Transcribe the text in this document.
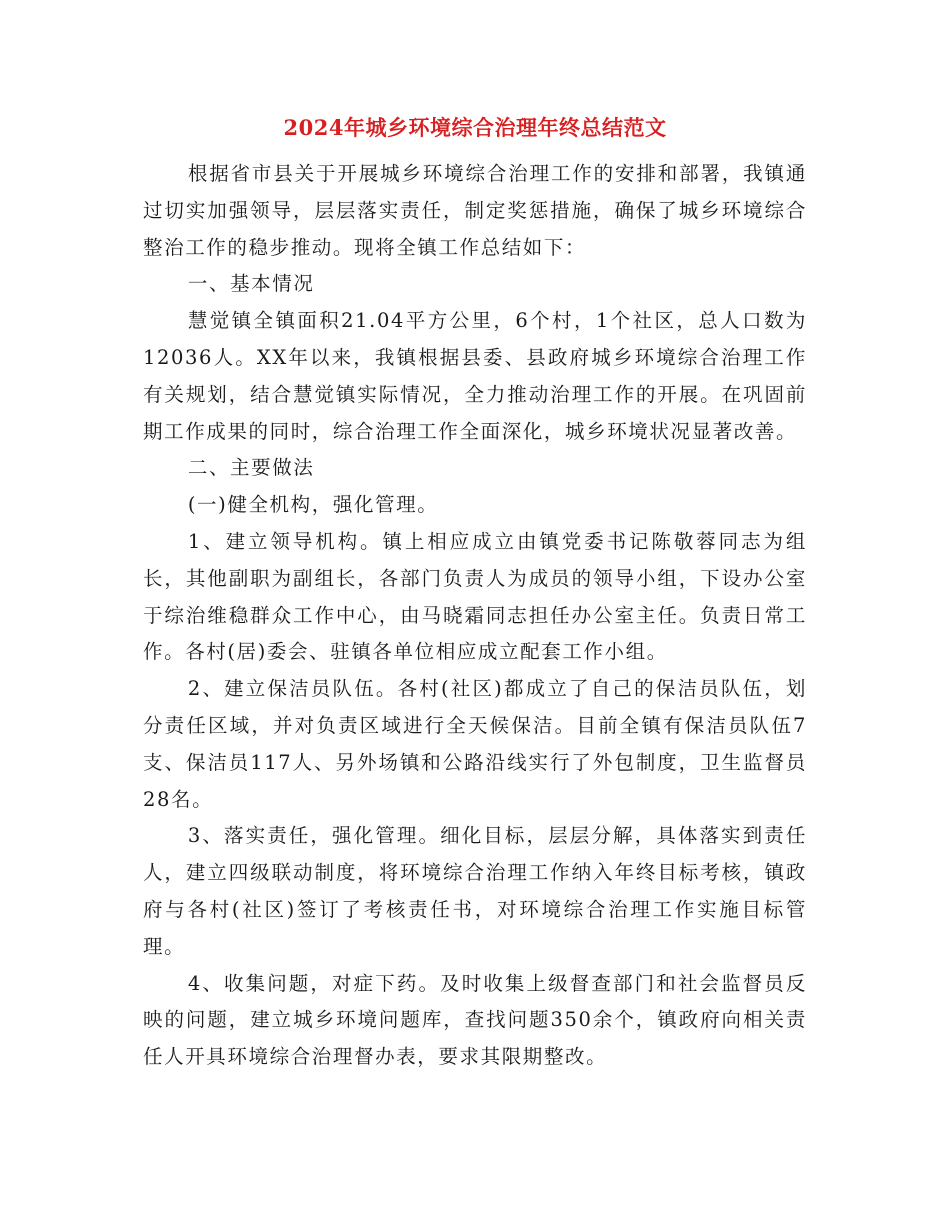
2024年城乡环境综合治理年终总结范文

根据省市县关于开展城乡环境综合治理工作的安排和部署，我镇通过切实加强领导，层层落实责任，制定奖惩措施，确保了城乡环境综合整治工作的稳步推动。现将全镇工作总结如下：

一、基本情况

慧觉镇全镇面积21.04平方公里，6个村，1个社区，总人口数为12036人。XX年以来，我镇根据县委、县政府城乡环境综合治理工作有关规划，结合慧觉镇实际情况，全力推动治理工作的开展。在巩固前期工作成果的同时，综合治理工作全面深化，城乡环境状况显著改善。

二、主要做法

(一)健全机构，强化管理。

1、建立领导机构。镇上相应成立由镇党委书记陈敬蓉同志为组长，其他副职为副组长，各部门负责人为成员的领导小组，下设办公室于综治维稳群众工作中心，由马晓霜同志担任办公室主任。负责日常工作。各村(居)委会、驻镇各单位相应成立配套工作小组。

2、建立保洁员队伍。各村(社区)都成立了自己的保洁员队伍，划分责任区域，并对负责区域进行全天候保洁。目前全镇有保洁员队伍7支、保洁员117人、另外场镇和公路沿线实行了外包制度，卫生监督员28名。

3、落实责任，强化管理。细化目标，层层分解，具体落实到责任人，建立四级联动制度，将环境综合治理工作纳入年终目标考核，镇政府与各村(社区)签订了考核责任书，对环境综合治理工作实施目标管理。

4、收集问题，对症下药。及时收集上级督查部门和社会监督员反映的问题，建立城乡环境问题库，查找问题350余个，镇政府向相关责任人开具环境综合治理督办表，要求其限期整改。
